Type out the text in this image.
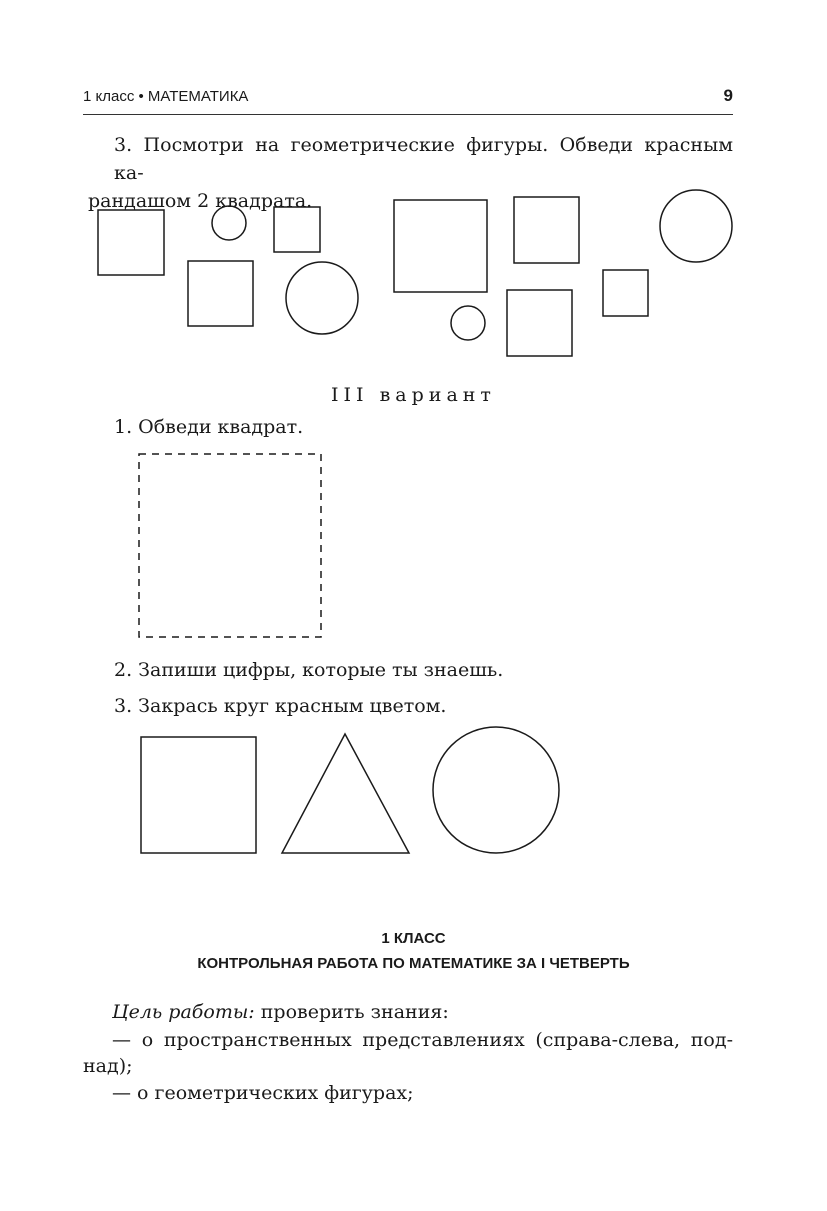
1 класс • МАТЕМАТИКА	9
3. Посмотри на геометрические фигуры. Обведи красным ка-
рандашом 2 квадрата.
III вариант
1. Обведи квадрат.
2. Запиши цифры, которые ты знаешь.
3. Закрась круг красным цветом.
1 КЛАСС
КОНТРОЛЬНАЯ РАБОТА ПО МАТЕМАТИКЕ ЗА I ЧЕТВЕРТЬ
Цель работы: проверить знания:
— о пространственных представлениях (справа-слева, под-
над);
— о геометрических фигурах;
